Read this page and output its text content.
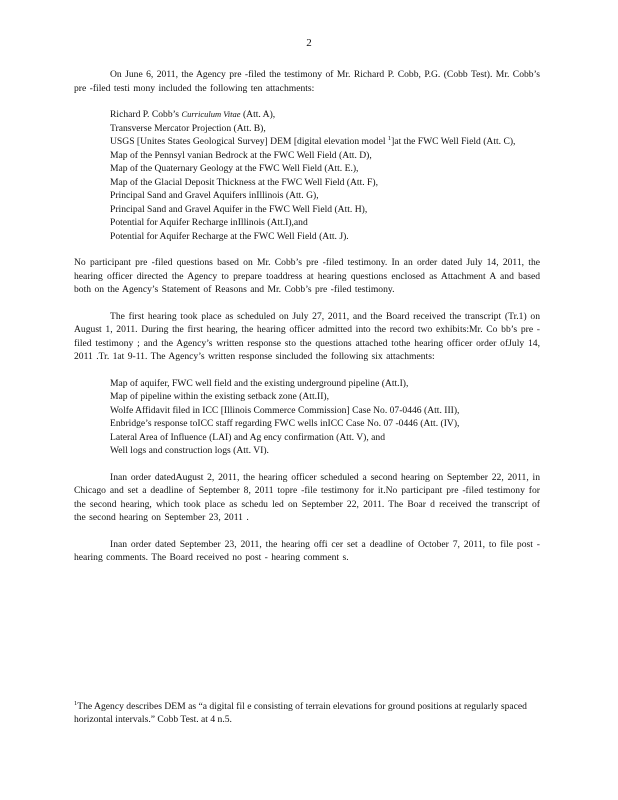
2

On June 6, 2011, the Agency pre -filed the testimony of Mr. Richard P. Cobb, P.G. (Cobb Test). Mr. Cobb’s pre -filed testi mony included the following ten attachments:

Richard P. Cobb’s Curriculum Vitae (Att. A),
Transverse Mercator Projection (Att. B),
USGS [Unites States Geological Survey] DEM [digital elevation model $^1$]at the FWC Well Field (Att. C),
Map of the Pennsyl vanian Bedrock at the FWC Well Field (Att. D),
Map of the Quaternary Geology at the FWC Well Field (Att. E.),
Map of the Glacial Deposit Thickness at the FWC Well Field (Att. F),
Principal Sand and Gravel Aquifers inIllinois (Att. G),
Principal Sand and Gravel Aquifer in the FWC Well Field (Att. H),
Potential for Aquifer Recharge inIllinois (Att.I),and
Potential for Aquifer Recharge at the FWC Well Field (Att. J).

No participant pre -filed questions based on Mr. Cobb’s pre -filed testimony. In an order dated July 14, 2011, the hearing officer directed the Agency to prepare toaddress at hearing questions enclosed as Attachment A and based both on the Agency’s Statement of Reasons and Mr. Cobb’s pre -filed testimony.

The first hearing took place as scheduled on July 27, 2011, and the Board received the transcript (Tr.1) on August 1, 2011. During the first hearing, the hearing officer admitted into the record two exhibits:Mr. Co bb’s pre -filed testimony ; and the Agency’s written response sto the questions attached tothe hearing officer order ofJuly 14, 2011 .Tr. 1at 9-11. The Agency’s written response sincluded the following six attachments:

Map of aquifer, FWC well field and the existing underground pipeline (Att.I),
Map of pipeline within the existing setback zone (Att.II),
Wolfe Affidavit filed in ICC [Illinois Commerce Commission] Case No. 07-0446 (Att. III),
Enbridge’s response toICC staff regarding FWC wells inICC Case No. 07 -0446 (Att. (IV),
Lateral Area of Influence (LAI) and Ag ency confirmation (Att. V), and
Well logs and construction logs (Att. VI).

Inan order datedAugust 2, 2011, the hearing officer scheduled a second hearing on September 22, 2011, in Chicago and set a deadline of September 8, 2011 topre -file testimony for it.No participant pre -filed testimony for the second hearing, which took place as schedu led on September 22, 2011. The Boar d received the transcript of the second hearing on September 23, 2011 .

Inan order dated September 23, 2011, the hearing offi cer set a deadline of October 7, 2011, to file post -hearing comments. The Board received no post - hearing comment s.

$^1$The Agency describes DEM as “a digital fil e consisting of terrain elevations for ground positions at regularly spaced horizontal intervals.” Cobb Test. at 4 n.5.
